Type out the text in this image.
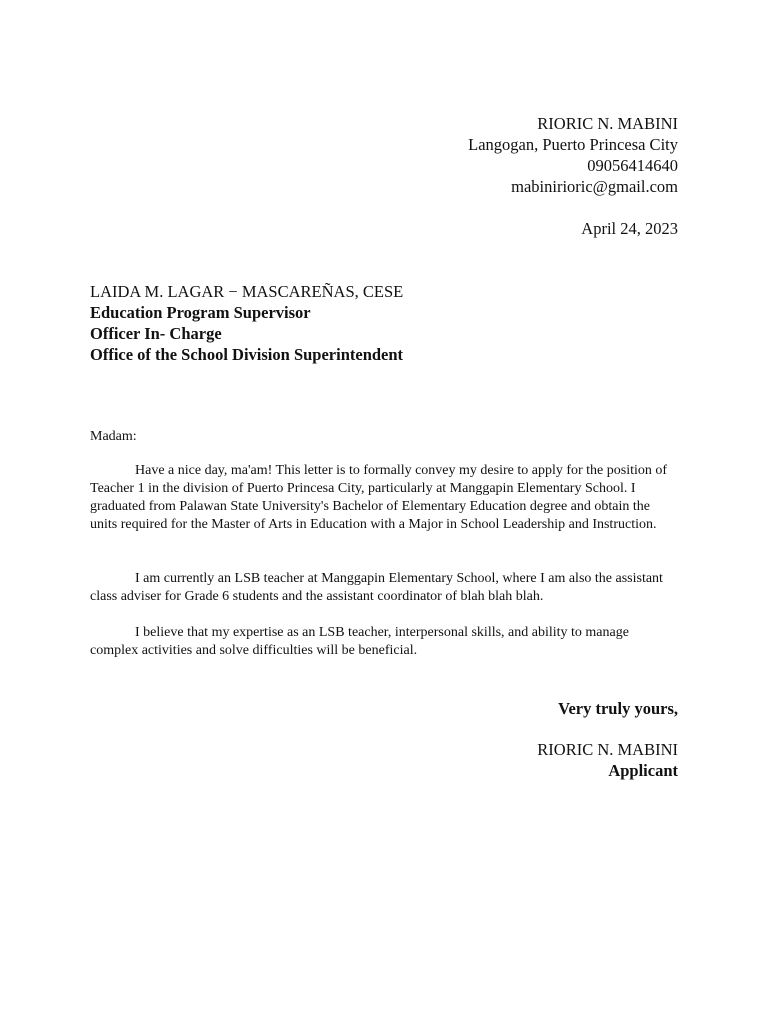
RIORIC N. MABINI
Langogan, Puerto Princesa City
09056414640
mabinirioric@gmail.com
April 24, 2023
LAIDA M. LAGAR − MASCAREÑAS, CESE
Education Program Supervisor
Officer In- Charge
Office of the School Division Superintendent
Madam:

Have a nice day, ma'am! This letter is to formally convey my desire to apply for the position of Teacher 1 in the division of Puerto Princesa City, particularly at Manggapin Elementary School. I graduated from Palawan State University's Bachelor of Elementary Education degree and obtain the units required for the Master of Arts in Education with a Major in School Leadership and Instruction.

I am currently an LSB teacher at Manggapin Elementary School, where I am also the assistant class adviser for Grade 6 students and the assistant coordinator of blah blah blah.

I believe that my expertise as an LSB teacher, interpersonal skills, and ability to manage complex activities and solve difficulties will be beneficial.

Very truly yours,
RIORIC N. MABINI
Applicant
